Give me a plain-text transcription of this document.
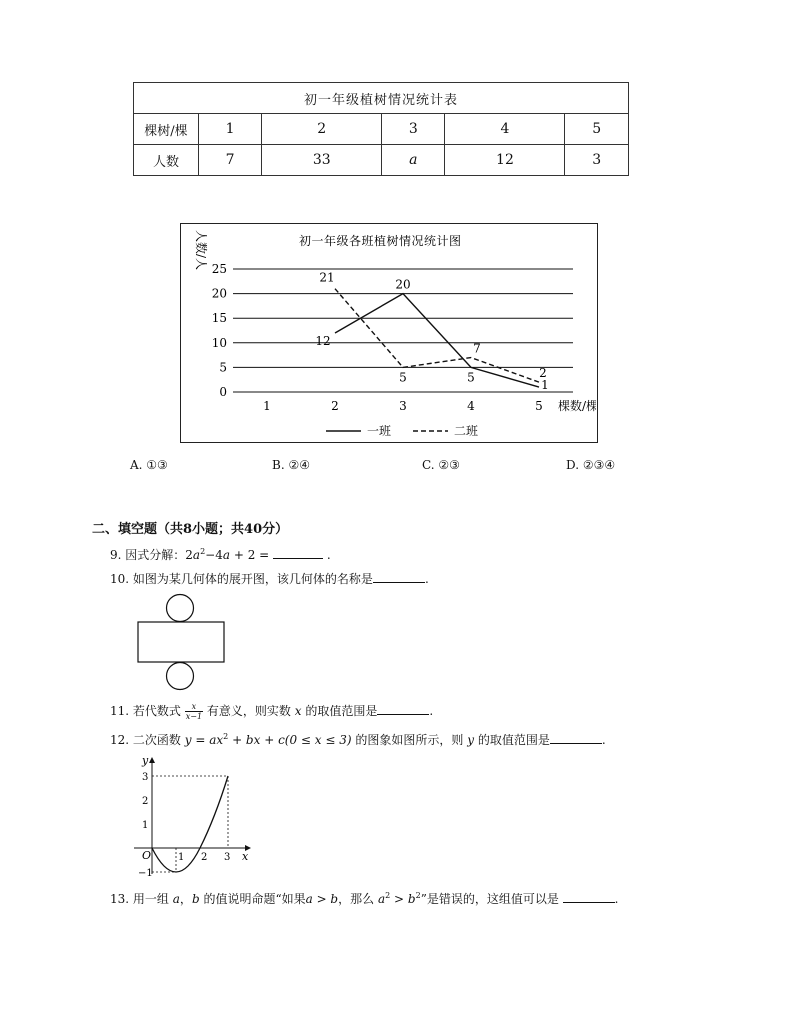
初一年级植树情况统计表					
棵树/棵	1	2	3	4	5
人数	7	33	a	12	3
初一年级各班植树情况统计图
人数/人
0
5
10
15
20
25
1	2	3	4	5 棵数/棵
12
20
5
1
21
5
7
2
一班	二班
A. ①③	B. ②④	C. ②③	D. ②③④
二、填空题（共8小题；共40分）
9. 因式分解：$2a^2-4a + 2$ =	.
10. 如图为某几何体的展开图，该几何体的名称是	.
11. 若代数式 $\frac{x}{x-1}$ 有意义，则实数 x 的取值范围是	.
12. 二次函数 $y = ax^2$ + bx + c(0 ≤ x ≤ 3) 的图象如图所示，则 y 的取值范围是	.
y
x
O	1 2 3
3
2
1
−1
13. 用一组 a，b 的值说明命题“如果a > b，那么 $a^2 > b^2$”是错误的，这组值可以是	.
